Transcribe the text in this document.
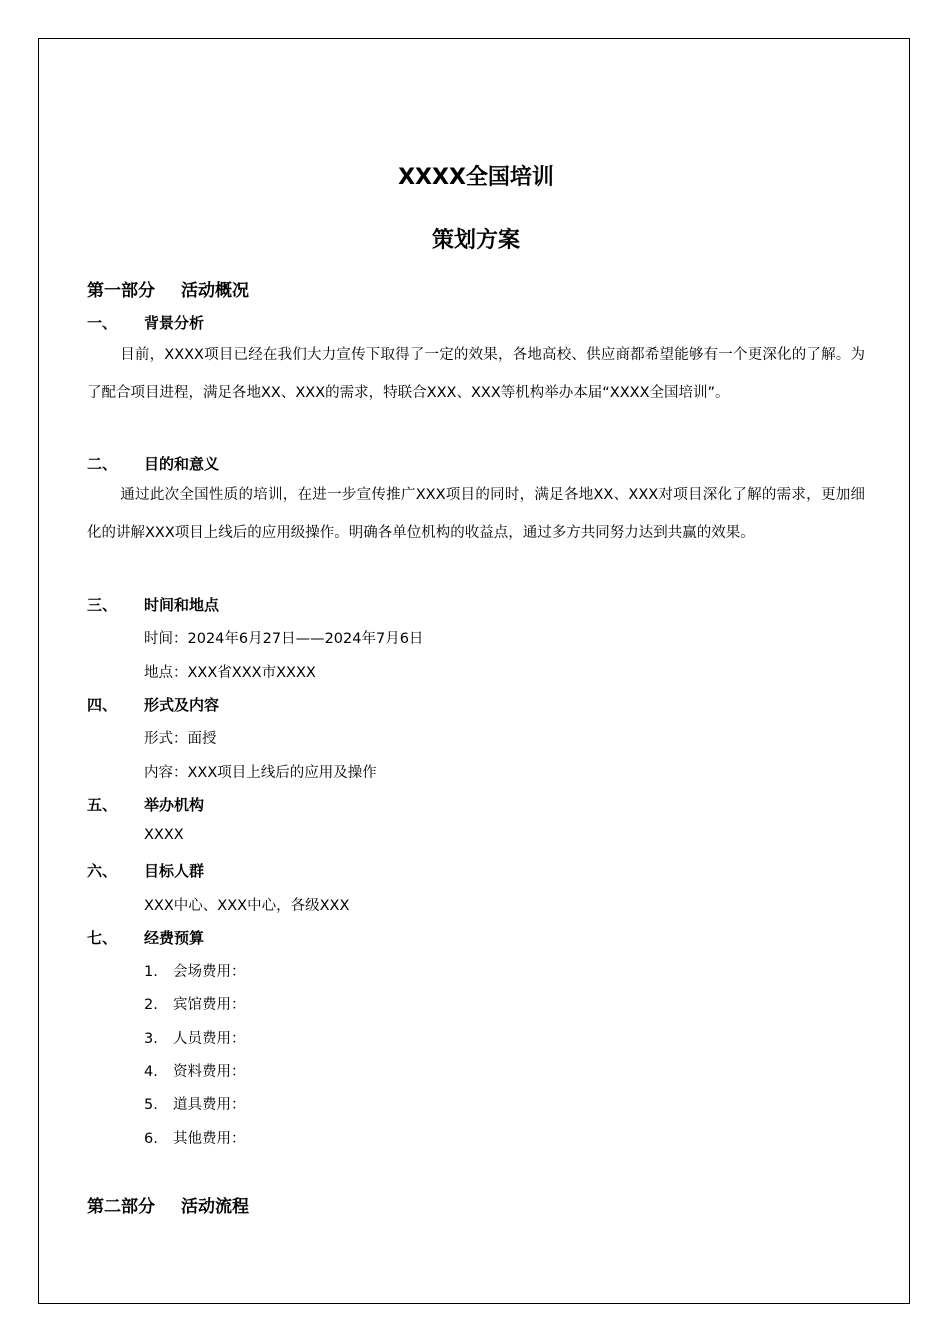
XXXX全国培训
策划方案
第一部分 活动概况
一、 背景分析
目前，XXXX项目已经在我们大力宣传下取得了一定的效果，各地高校、供应商都希望能够有一个更深化的了解。为了配合项目进程，满足各地XX、XXX的需求，特联合XXX、XXX等机构举办本届“XXXX全国培训”。
二、 目的和意义
通过此次全国性质的培训，在进一步宣传推广XXX项目的同时，满足各地XX、XXX对项目深化了解的需求，更加细化的讲解XXX项目上线后的应用级操作。明确各单位机构的收益点，通过多方共同努力达到共赢的效果。
三、 时间和地点
时间：2024年6月27日——2024年7月6日
地点：XXX省XXX市XXXX
四、 形式及内容
形式：面授
内容：XXX项目上线后的应用及操作
五、 举办机构
XXXX
六、 目标人群
XXX中心、XXX中心，各级XXX
七、 经费预算
1. 会场费用：
2. 宾馆费用：
3. 人员费用：
4. 资料费用：
5. 道具费用：
6. 其他费用：
第二部分 活动流程
